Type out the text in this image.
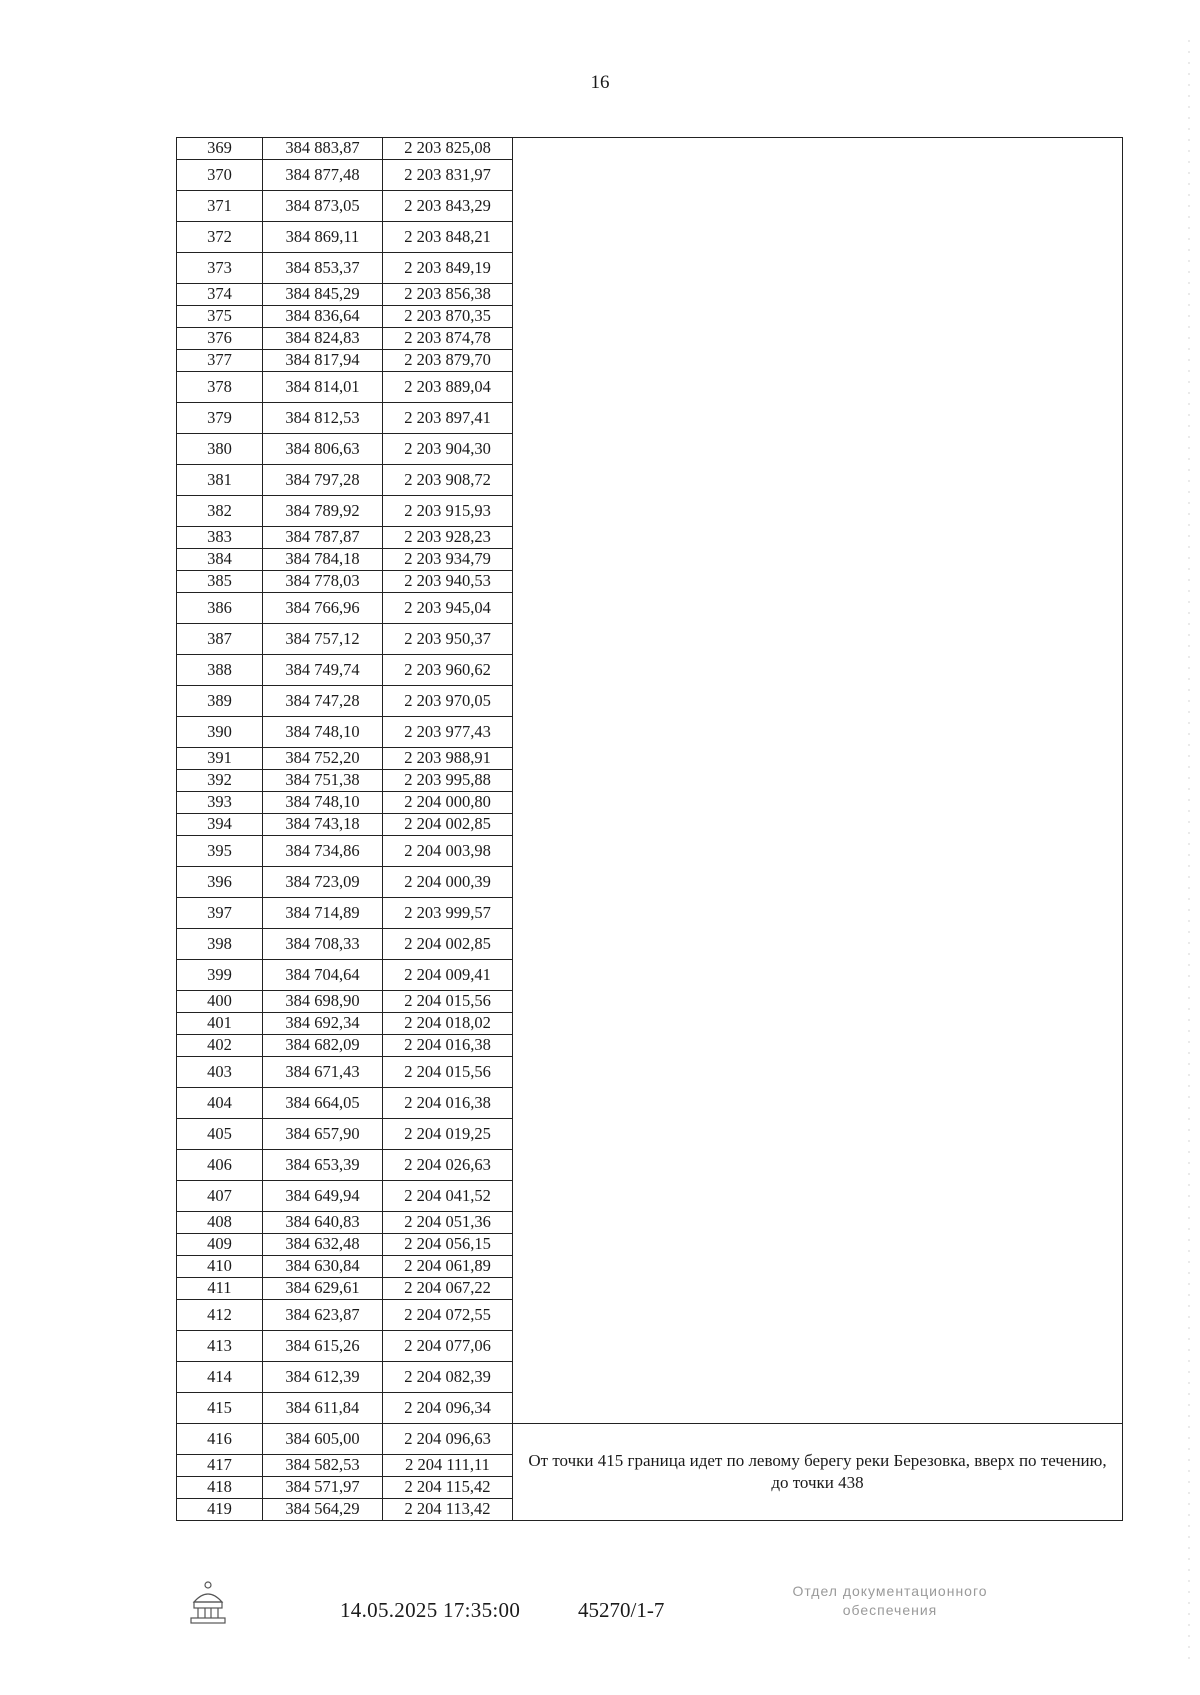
16
369	384 883,87	2 203 825,08	
370	384 877,48	2 203 831,97	
371	384 873,05	2 203 843,29	
372	384 869,11	2 203 848,21	
373	384 853,37	2 203 849,19	
374	384 845,29	2 203 856,38	
375	384 836,64	2 203 870,35	
376	384 824,83	2 203 874,78	
377	384 817,94	2 203 879,70	
378	384 814,01	2 203 889,04	
379	384 812,53	2 203 897,41	
380	384 806,63	2 203 904,30	
381	384 797,28	2 203 908,72	
382	384 789,92	2 203 915,93	
383	384 787,87	2 203 928,23	
384	384 784,18	2 203 934,79	
385	384 778,03	2 203 940,53	
386	384 766,96	2 203 945,04	
387	384 757,12	2 203 950,37	
388	384 749,74	2 203 960,62	
389	384 747,28	2 203 970,05	
390	384 748,10	2 203 977,43	
391	384 752,20	2 203 988,91	
392	384 751,38	2 203 995,88	
393	384 748,10	2 204 000,80	
394	384 743,18	2 204 002,85	
395	384 734,86	2 204 003,98	
396	384 723,09	2 204 000,39	
397	384 714,89	2 203 999,57	
398	384 708,33	2 204 002,85	
399	384 704,64	2 204 009,41	
400	384 698,90	2 204 015,56	
401	384 692,34	2 204 018,02	
402	384 682,09	2 204 016,38	
403	384 671,43	2 204 015,56	
404	384 664,05	2 204 016,38	
405	384 657,90	2 204 019,25	
406	384 653,39	2 204 026,63	
407	384 649,94	2 204 041,52	
408	384 640,83	2 204 051,36	
409	384 632,48	2 204 056,15	
410	384 630,84	2 204 061,89	
411	384 629,61	2 204 067,22	
412	384 623,87	2 204 072,55	
413	384 615,26	2 204 077,06	
414	384 612,39	2 204 082,39	
415	384 611,84	2 204 096,34	
416	384 605,00	2 204 096,63	От точки 415 граница идет по левому берегу реки Березовка, вверх по течению, до точки 438

417	384 582,53	2 204 111,11	
418	384 571,97	2 204 115,42	
419	384 564,29	2 204 113,42	
14.05.2025 17:35:00	45270/1-7
Отдел документационного
обеспечения
